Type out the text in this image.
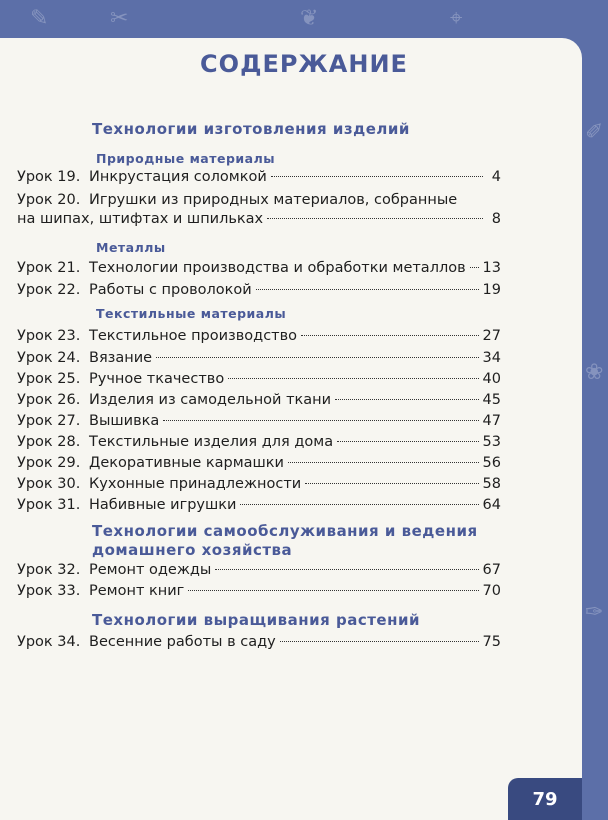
✎	✂	❦	⌖
✐
❀
✑
СОДЕРЖАНИЕ
Технологии изготовления изделий
Природные материалы
Урок 19. Инкрустация соломкой	4
Урок 20. Игрушки из природных материалов, собранные
на шипах, штифтах и шпильках	8
Металлы
Урок 21. Технологии производства и обработки металлов 13
Урок 22. Работы с проволокой	19
Текстильные материалы
Урок 23. Текстильное производство	27
Урок 24. Вязание	34
Урок 25. Ручное ткачество	40
Урок 26. Изделия из самодельной ткани	45
Урок 27. Вышивка	47
Урок 28. Текстильные изделия для дома	53
Урок 29. Декоративные кармашки	56
Урок 30. Кухонные принадлежности	58
Урок 31. Набивные игрушки	64
Технологии самообслуживания и ведения
домашнего хозяйства
Урок 32. Ремонт одежды	67
Урок 33. Ремонт книг	70
Технологии выращивания растений
Урок 34. Весенние работы в саду	75
79
